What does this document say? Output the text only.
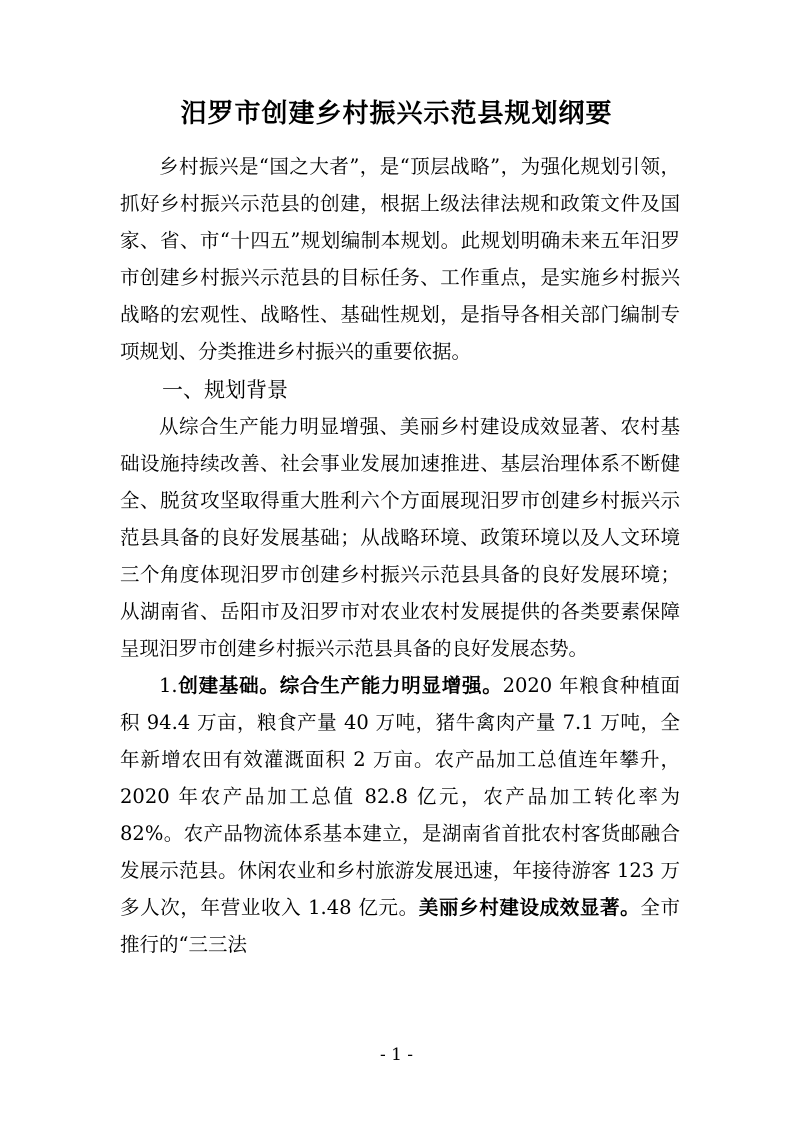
汨罗市创建乡村振兴示范县规划纲要

乡村振兴是“国之大者”，是“顶层战略”，为强化规划引领，抓好乡村振兴示范县的创建，根据上级法律法规和政策文件及国家、省、市“十四五”规划编制本规划。此规划明确未来五年汨罗市创建乡村振兴示范县的目标任务、工作重点，是实施乡村振兴战略的宏观性、战略性、基础性规划，是指导各相关部门编制专项规划、分类推进乡村振兴的重要依据。

一、规划背景

从综合生产能力明显增强、美丽乡村建设成效显著、农村基础设施持续改善、社会事业发展加速推进、基层治理体系不断健全、脱贫攻坚取得重大胜利六个方面展现汨罗市创建乡村振兴示范县具备的良好发展基础；从战略环境、政策环境以及人文环境三个角度体现汨罗市创建乡村振兴示范县具备的良好发展环境；从湖南省、岳阳市及汨罗市对农业农村发展提供的各类要素保障呈现汨罗市创建乡村振兴示范县具备的良好发展态势。

1.创建基础。综合生产能力明显增强。2020 年粮食种植面积 94.4 万亩，粮食产量 40 万吨，猪牛禽肉产量 7.1 万吨，全年新增农田有效灌溉面积 2 万亩。农产品加工总值连年攀升，2020 年农产品加工总值 82.8 亿元，农产品加工转化率为 82%。农产品物流体系基本建立，是湖南省首批农村客货邮融合发展示范县。休闲农业和乡村旅游发展迅速，年接待游客 123 万多人次，年营业收入 1.48 亿元。美丽乡村建设成效显著。全市推行的“三三法

- 1 -
